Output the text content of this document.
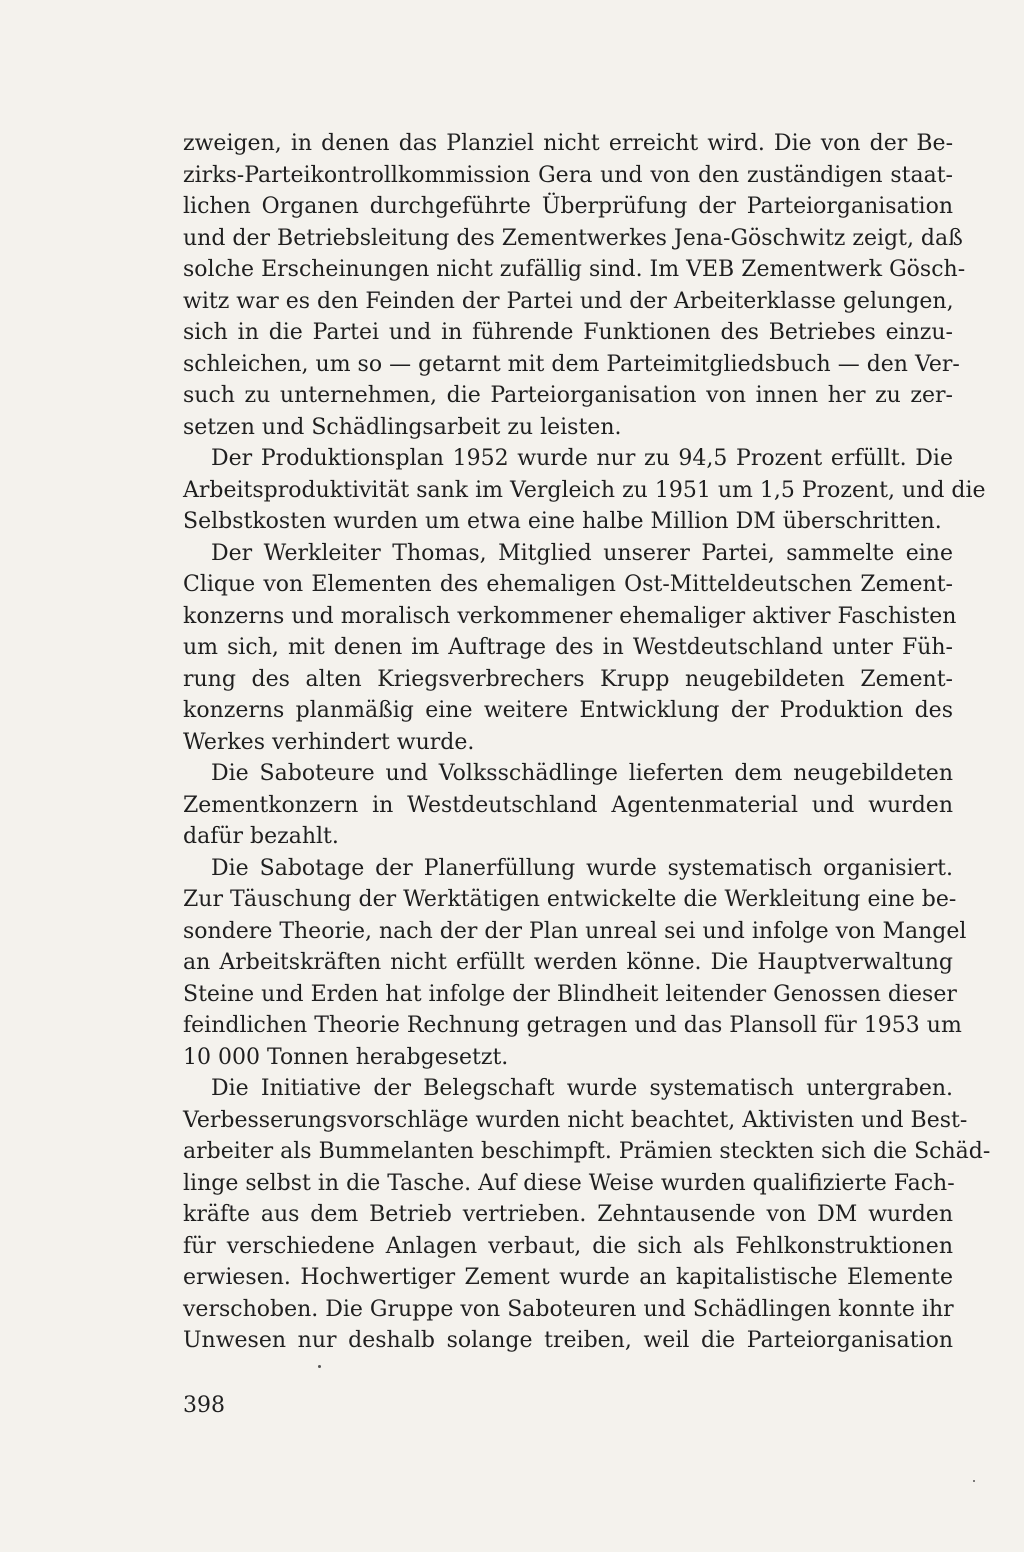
zweigen, in denen das Planziel nicht erreicht wird. Die von der Be-
zirks-Parteikontrollkommission Gera und von den zuständigen staat-
lichen Organen durchgeführte Überprüfung der Parteiorganisation
und der Betriebsleitung des Zementwerkes Jena-Göschwitz zeigt, daß
solche Erscheinungen nicht zufällig sind. Im VEB Zementwerk Gösch-
witz war es den Feinden der Partei und der Arbeiterklasse gelungen,
sich in die Partei und in führende Funktionen des Betriebes einzu-
schleichen, um so — getarnt mit dem Parteimitgliedsbuch — den Ver-
such zu unternehmen, die Parteiorganisation von innen her zu zer-
setzen und Schädlingsarbeit zu leisten.
Der Produktionsplan 1952 wurde nur zu 94,5 Prozent erfüllt. Die
Arbeitsproduktivität sank im Vergleich zu 1951 um 1,5 Prozent, und die
Selbstkosten wurden um etwa eine halbe Million DM überschritten.
Der Werkleiter Thomas, Mitglied unserer Partei, sammelte eine
Clique von Elementen des ehemaligen Ost-Mitteldeutschen Zement-
konzerns und moralisch verkommener ehemaliger aktiver Faschisten
um sich, mit denen im Auftrage des in Westdeutschland unter Füh-
rung des alten Kriegsverbrechers Krupp neugebildeten Zement-
konzerns planmäßig eine weitere Entwicklung der Produktion des
Werkes verhindert wurde.
Die Saboteure und Volksschädlinge lieferten dem neugebildeten
Zementkonzern in Westdeutschland Agentenmaterial und wurden
dafür bezahlt.
Die Sabotage der Planerfüllung wurde systematisch organisiert.
Zur Täuschung der Werktätigen entwickelte die Werkleitung eine be-
sondere Theorie, nach der der Plan unreal sei und infolge von Mangel
an Arbeitskräften nicht erfüllt werden könne. Die Hauptverwaltung
Steine und Erden hat infolge der Blindheit leitender Genossen dieser
feindlichen Theorie Rechnung getragen und das Plansoll für 1953 um
10 000 Tonnen herabgesetzt.
Die Initiative der Belegschaft wurde systematisch untergraben.
Verbesserungsvorschläge wurden nicht beachtet, Aktivisten und Best-
arbeiter als Bummelanten beschimpft. Prämien steckten sich die Schäd-
linge selbst in die Tasche. Auf diese Weise wurden qualifizierte Fach-
kräfte aus dem Betrieb vertrieben. Zehntausende von DM wurden
für verschiedene Anlagen verbaut, die sich als Fehlkonstruktionen
erwiesen. Hochwertiger Zement wurde an kapitalistische Elemente
verschoben. Die Gruppe von Saboteuren und Schädlingen konnte ihr
Unwesen nur deshalb solange treiben, weil die Parteiorganisation
398
